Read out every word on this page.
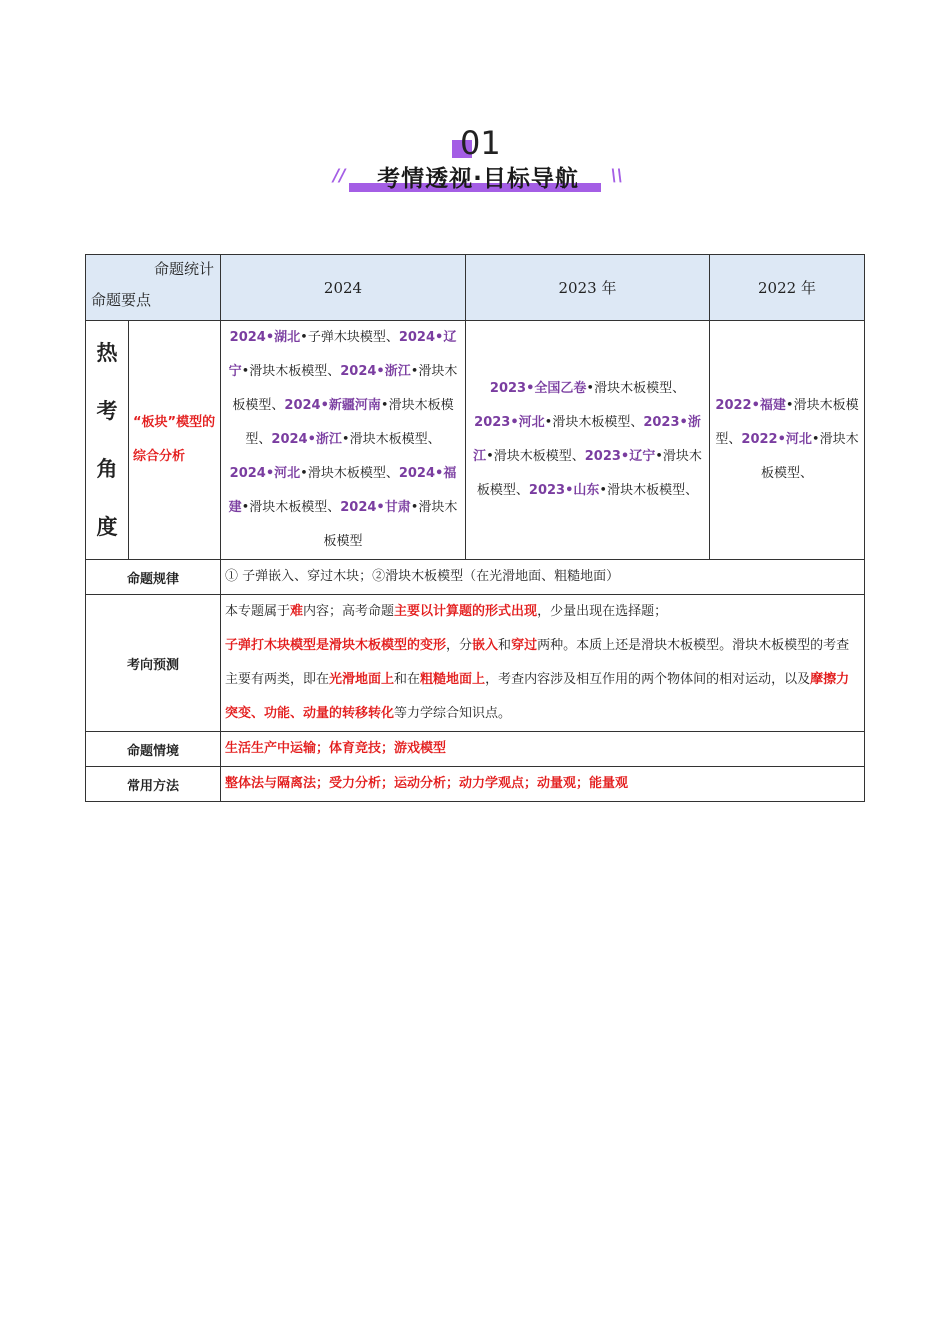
01
//	考情透视·目标导航	\\
命题统计
命题要点		2024	2023 年	2022 年

热
考
角
度	“板块”模型的综合分析	2024•湖北•子弹木块模型、2024•辽宁•滑块木板模型、2024•浙江•滑块木板模型、2024•新疆河南•滑块木板模型、2024•浙江•滑块木板模型、2024•河北•滑块木板模型、2024•福建•滑块木板模型、2024•甘肃•滑块木板模型	2023•全国乙卷•滑块木板模型、2023•河北•滑块木板模型、2023•浙江•滑块木板模型、2023•辽宁•滑块木板模型、2023•山东•滑块木板模型、	2022•福建•滑块木板模型、2022•河北•滑块木板模型、
命题规律		① 子弹嵌入、穿过木块；②滑块木板模型（在光滑地面、粗糙地面）		
考向预测		本专题属于难内容；高考命题主要以计算题的形式出现，少量出现在选择题；
子弹打木块模型是滑块木板模型的变形，分嵌入和穿过两种。本质上还是滑块木板模型。滑块木板模型的考查主要有两类，即在光滑地面上和在粗糙地面上，考查内容涉及相互作用的两个物体间的相对运动，以及摩擦力突变、功能、动量的转移转化等力学综合知识点。		

命题情境		生活生产中运输；体育竞技；游戏模型		
常用方法		整体法与隔离法；受力分析；运动分析；动力学观点；动量观；能量观		
